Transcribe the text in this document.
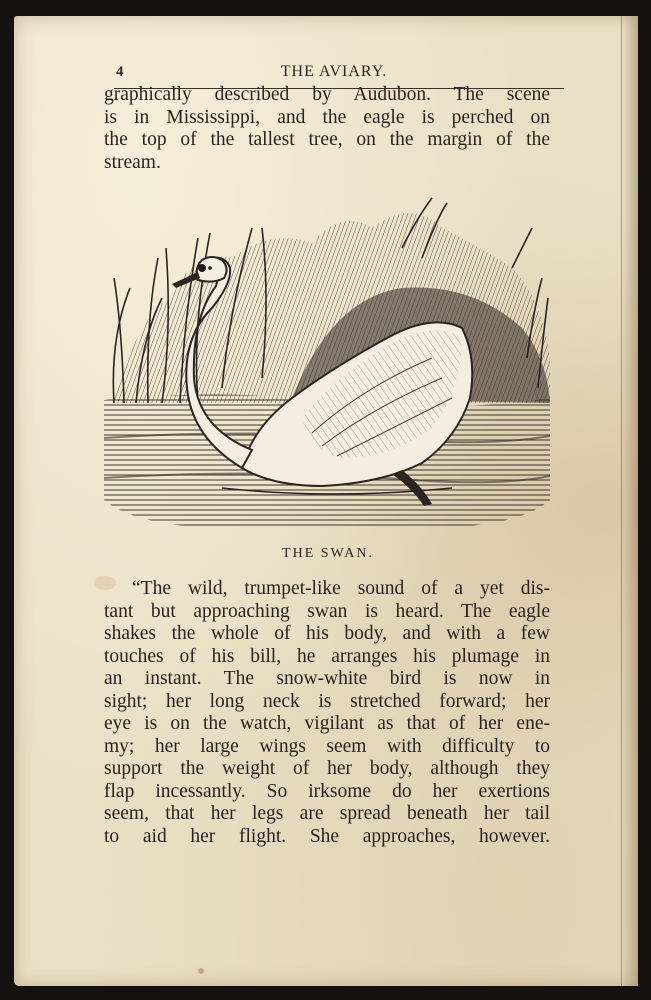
4	THE AVIARY.
graphically described by Audubon. The scene
is in Mississippi, and the eagle is perched on
the top of the tallest tree, on the margin of the
stream.
THE SWAN.
“The wild, trumpet-like sound of a yet dis-
tant but approaching swan is heard. The eagle
shakes the whole of his body, and with a few
touches of his bill, he arranges his plumage in
an instant. The snow-white bird is now in
sight; her long neck is stretched forward; her
eye is on the watch, vigilant as that of her ene-
my; her large wings seem with difficulty to
support the weight of her body, although they
flap incessantly. So irksome do her exertions
seem, that her legs are spread beneath her tail
to aid her flight. She approaches, however.
